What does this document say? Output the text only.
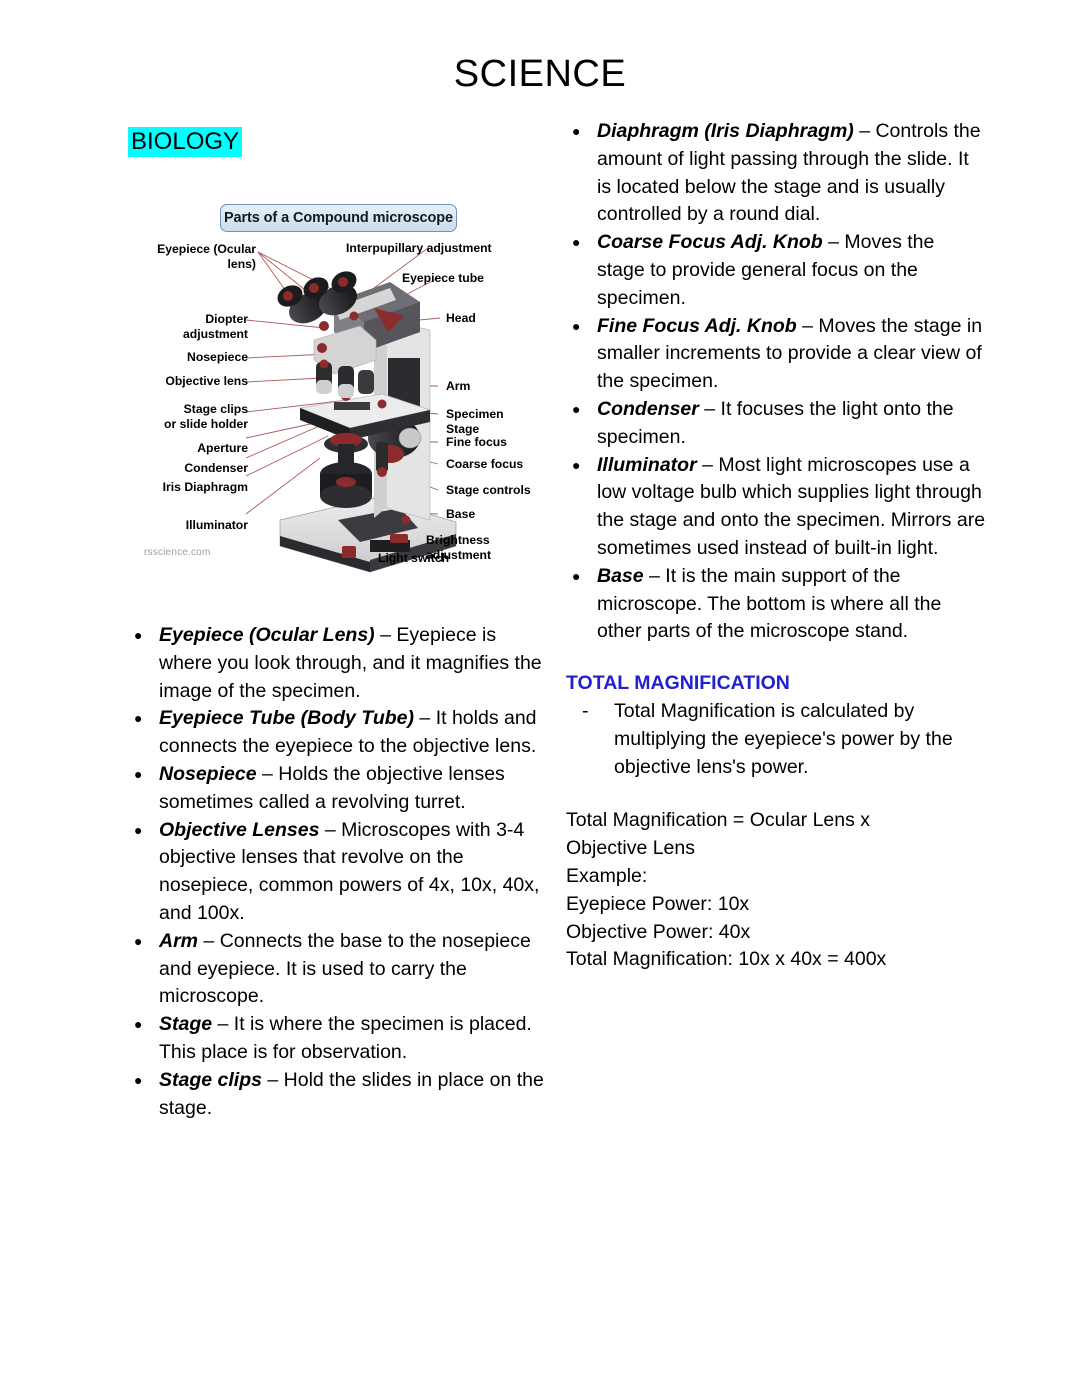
SCIENCE
BIOLOGY
Parts of a Compound microscope
Eyepiece (Ocular lens)
Diopter adjustment
Nosepiece
Objective lens
Stage clips
or slide holder
Aperture
Condenser
Iris Diaphragm
Illuminator
Interpupillary adjustment
Eyepiece tube
Head
Arm
Specimen Stage
Fine focus
Coarse focus
Stage controls
Base
Brightness adjustment
Light switch
rsscience.com
● Eyepiece (Ocular Lens) – Eyepiece is where you look through, and it magnifies the image of the specimen.
● Eyepiece Tube (Body Tube) – It holds and connects the eyepiece to the objective lens.
● Nosepiece – Holds the objective lenses sometimes called a revolving turret.
● Objective Lenses – Microscopes with 3-4 objective lenses that revolve on the nosepiece, common powers of 4x, 10x, 40x, and 100x.
● Arm – Connects the base to the nosepiece and eyepiece. It is used to carry the microscope.
● Stage – It is where the specimen is placed. This place is for observation.
● Stage clips – Hold the slides in place on the stage.
● Diaphragm (Iris Diaphragm) – Controls the amount of light passing through the slide. It is located below the stage and is usually controlled by a round dial.
● Coarse Focus Adj. Knob – Moves the stage to provide general focus on the specimen.
● Fine Focus Adj. Knob – Moves the stage in smaller increments to provide a clear view of the specimen.
● Condenser – It focuses the light onto the specimen.
● Illuminator – Most light microscopes use a low voltage bulb which supplies light through the stage and onto the specimen. Mirrors are sometimes used instead of built-in light.
● Base – It is the main support of the microscope. The bottom is where all the other parts of the microscope stand.
TOTAL MAGNIFICATION
- Total Magnification is calculated by multiplying the eyepiece's power by the objective lens's power.
Total Magnification = Ocular Lens x
Objective Lens
Example:
Eyepiece Power: 10x
Objective Power: 40x
Total Magnification: 10x x 40x = 400x
